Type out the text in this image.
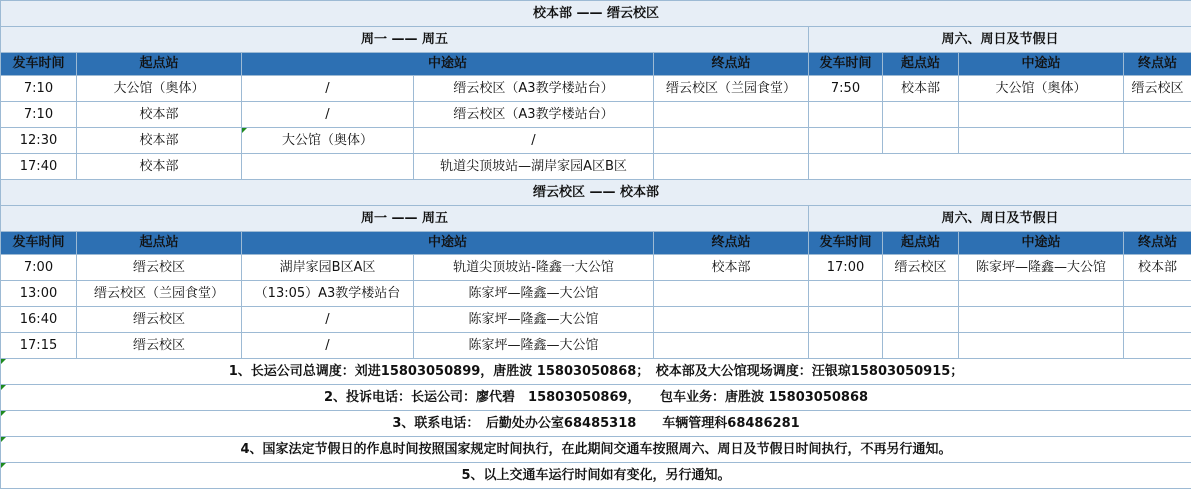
校本部 —— 缙云校区								
周一 —— 周五					周六、周日及节假日			
发车时间	起点站	中途站		终点站	发车时间	起点站	中途站	终点站
7:10	大公馆（奥体）	/	缙云校区（A3教学楼站台）	缙云校区（兰园食堂）	7:50	校本部	大公馆（奥体）	缙云校区
7:10	校本部	/	缙云校区（A3教学楼站台）					
12:30	校本部	大公馆（奥体）	/					
17:40	校本部		轨道尖顶坡站—湖岸家园A区B区					
缙云校区 —— 校本部								
周一 —— 周五					周六、周日及节假日			
发车时间	起点站	中途站		终点站	发车时间	起点站	中途站	终点站
7:00	缙云校区	湖岸家园B区A区	轨道尖顶坡站-隆鑫一大公馆	校本部	17:00	缙云校区	陈家坪—隆鑫—大公馆	校本部
13:00	缙云校区（兰园食堂）	（13:05）A3教学楼站台	陈家坪—隆鑫—大公馆					
16:40	缙云校区	/	陈家坪—隆鑫—大公馆					
17:15	缙云校区	/	陈家坪—隆鑫—大公馆					
1、长运公司总调度：刘进15803050899，唐胜波 15803050868；　校本部及大公馆现场调度：汪银琼15803050915；								
2、投诉电话：长运公司：廖代碧　15803050869，　　包车业务：唐胜波 15803050868								
3、联系电话：　后勤处办公室68485318　　车辆管理科68486281								
4、国家法定节假日的作息时间按照国家规定时间执行，在此期间交通车按照周六、周日及节假日时间执行，不再另行通知。								
5、以上交通车运行时间如有变化，另行通知。								
